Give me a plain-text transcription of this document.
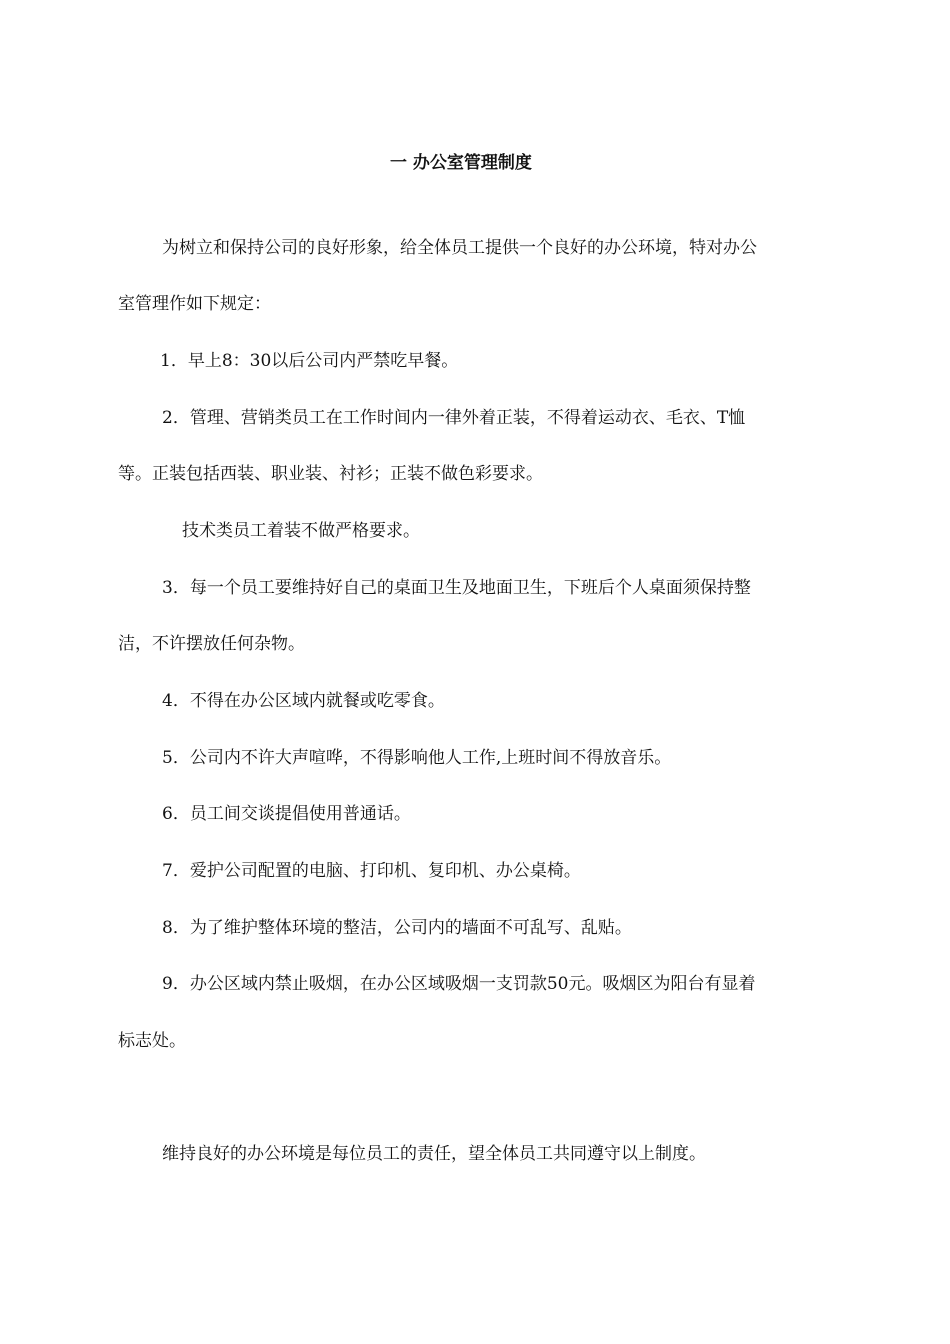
一 办公室管理制度
为树立和保持公司的良好形象，给全体员工提供一个良好的办公环境，特对办公
室管理作如下规定：
1．早上8：30以后公司内严禁吃早餐。
2．管理、营销类员工在工作时间内一律外着正装，不得着运动衣、毛衣、T恤
等。正装包括西装、职业装、衬衫；正装不做色彩要求。
技术类员工着装不做严格要求。
3．每一个员工要维持好自己的桌面卫生及地面卫生，下班后个人桌面须保持整
洁，不许摆放任何杂物。
4．不得在办公区域内就餐或吃零食。
5．公司内不许大声喧哗，不得影响他人工作,上班时间不得放音乐。
6．员工间交谈提倡使用普通话。
7．爱护公司配置的电脑、打印机、复印机、办公桌椅。
8．为了维护整体环境的整洁，公司内的墙面不可乱写、乱贴。
9．办公区域内禁止吸烟，在办公区域吸烟一支罚款50元。吸烟区为阳台有显着
标志处。
维持良好的办公环境是每位员工的责任，望全体员工共同遵守以上制度。
